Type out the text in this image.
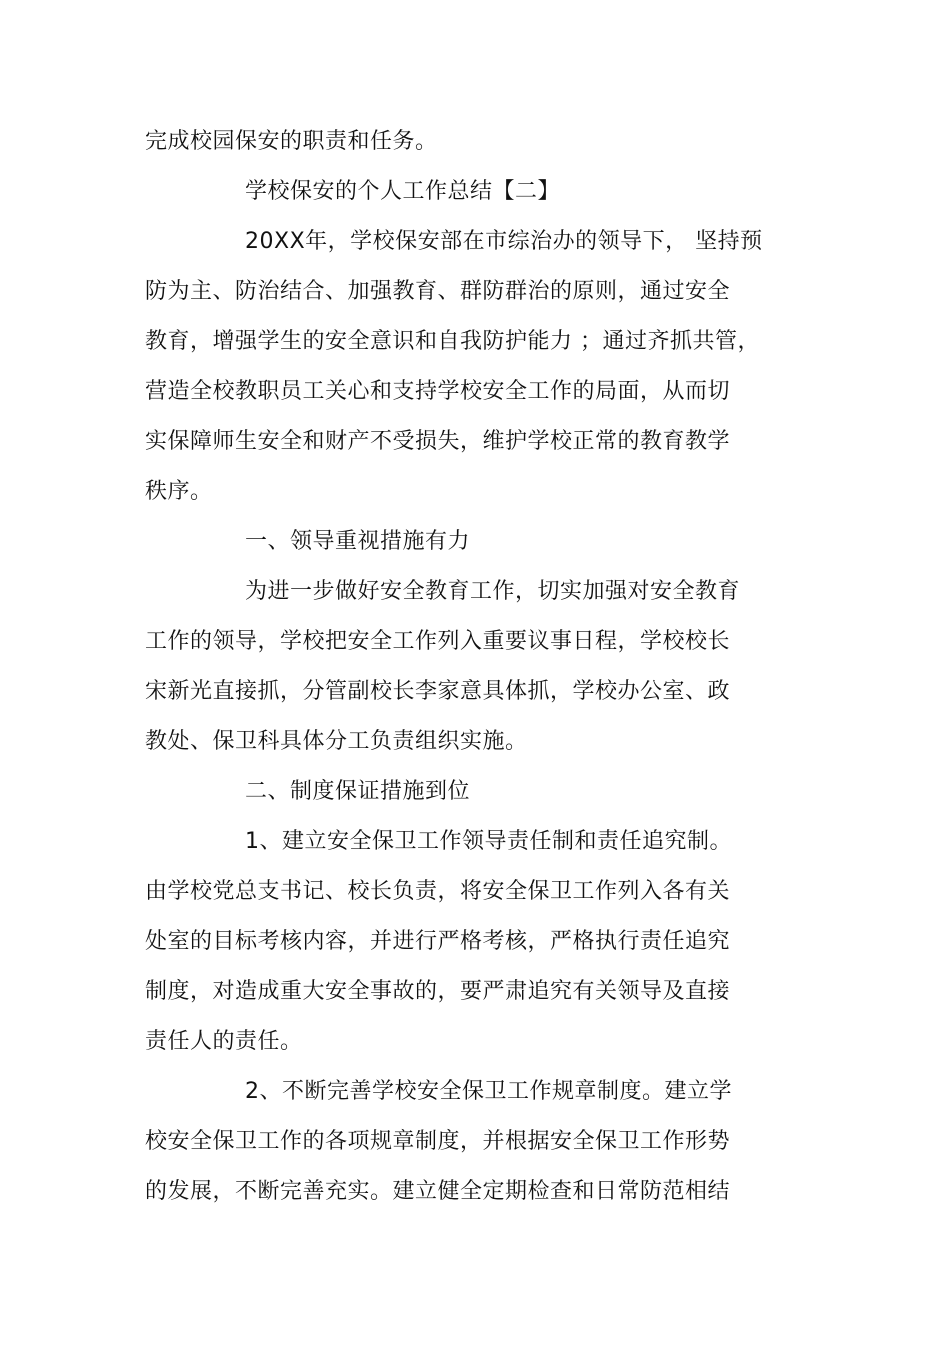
完成校园保安的职责和任务。
学校保安的个人工作总结【二】
20XX年，学校保安部在市综治办的领导下， 坚持预
防为主、防治结合、加强教育、群防群治的原则，通过安全
教育，增强学生的安全意识和自我防护能力 ；通过齐抓共管，
营造全校教职员工关心和支持学校安全工作的局面，从而切
实保障师生安全和财产不受损失，维护学校正常的教育教学
秩序。
一、领导重视措施有力
为进一步做好安全教育工作，切实加强对安全教育
工作的领导，学校把安全工作列入重要议事日程，学校校长
宋新光直接抓，分管副校长李家意具体抓，学校办公室、政
教处、保卫科具体分工负责组织实施。
二、制度保证措施到位
1、建立安全保卫工作领导责任制和责任追究制。
由学校党总支书记、校长负责，将安全保卫工作列入各有关
处室的目标考核内容，并进行严格考核，严格执行责任追究
制度，对造成重大安全事故的，要严肃追究有关领导及直接
责任人的责任。
2、不断完善学校安全保卫工作规章制度。建立学
校安全保卫工作的各项规章制度，并根据安全保卫工作形势
的发展，不断完善充实。建立健全定期检查和日常防范相结
